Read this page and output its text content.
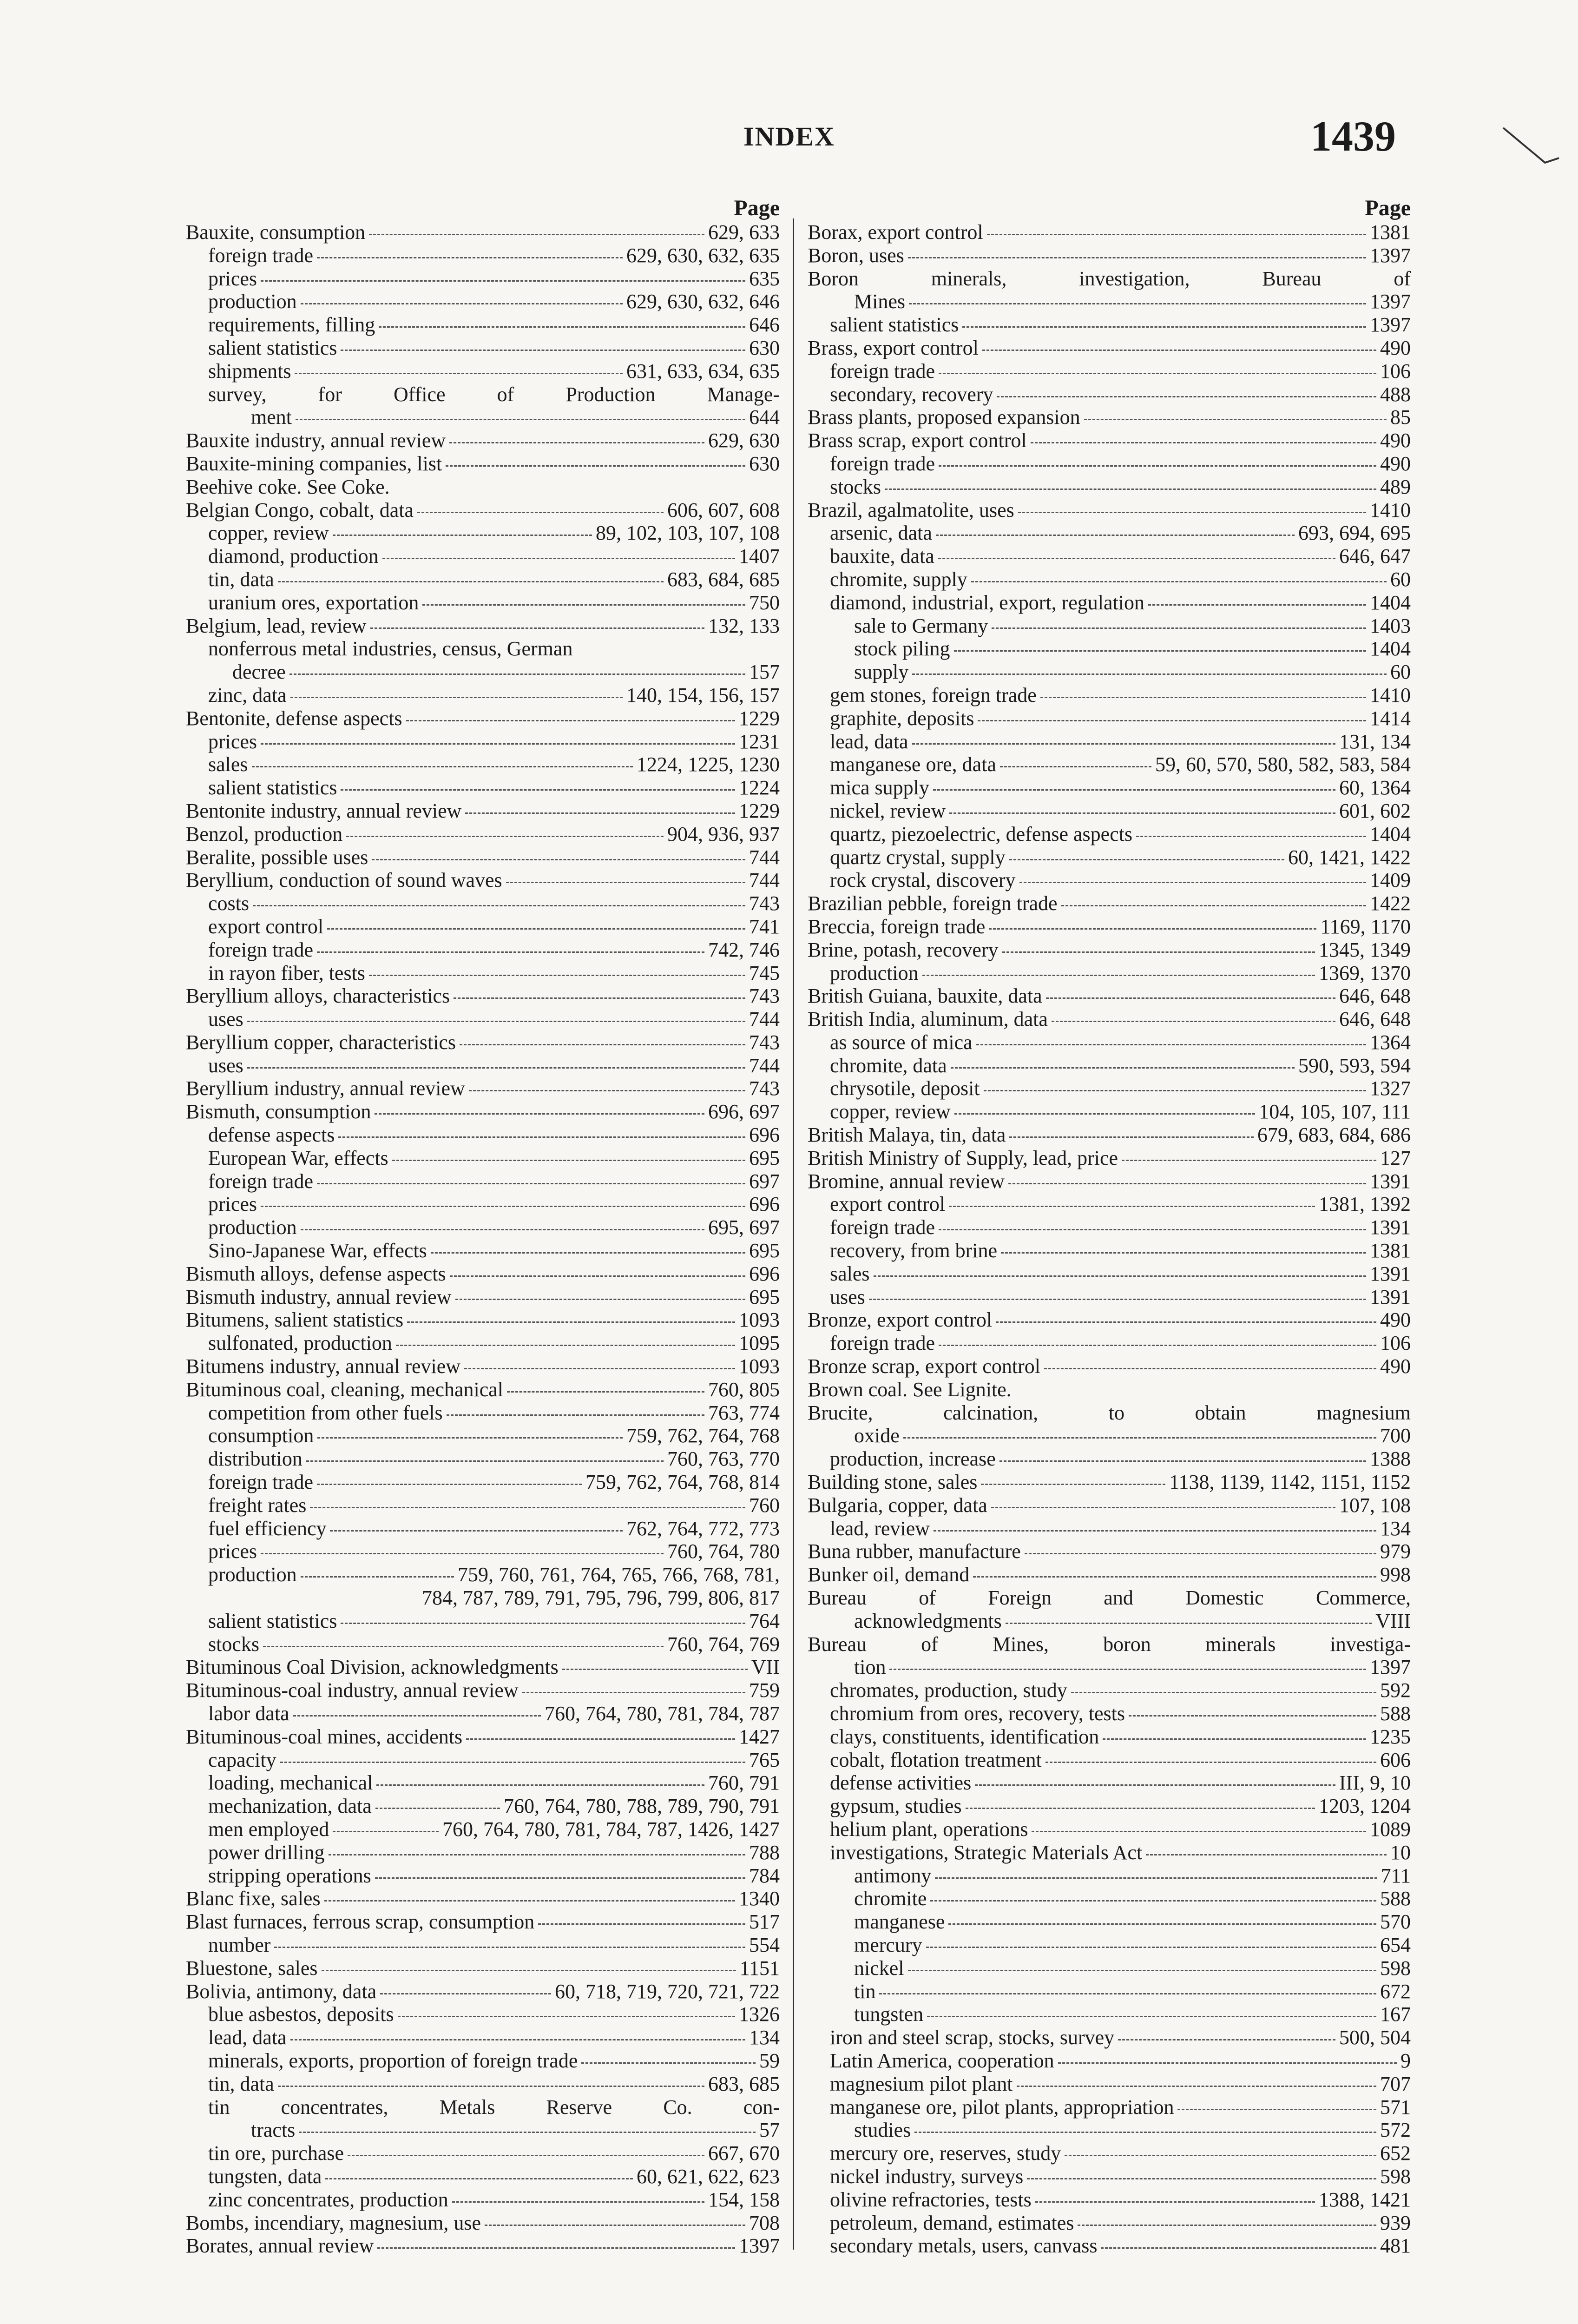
INDEX	1439
Page
Bauxite, consumption	629, 633
foreign trade	629, 630, 632, 635
prices	635
production	629, 630, 632, 646
requirements, filling	646
salient statistics	630
shipments	631, 633, 634, 635
survey, for Office of Production Manage-
ment	644
Bauxite industry, annual review	629, 630
Bauxite-mining companies, list	630
Beehive coke. See Coke.
Belgian Congo, cobalt, data	606, 607, 608
copper, review	89, 102, 103, 107, 108
diamond, production	1407
tin, data	683, 684, 685
uranium ores, exportation	750
Belgium, lead, review	132, 133
nonferrous metal industries, census, German
decree	157
zinc, data	140, 154, 156, 157
Bentonite, defense aspects	1229
prices	1231
sales	1224, 1225, 1230
salient statistics	1224
Bentonite industry, annual review	1229
Benzol, production	904, 936, 937
Beralite, possible uses	744
Beryllium, conduction of sound waves	744
costs	743
export control	741
foreign trade	742, 746
in rayon fiber, tests	745
Beryllium alloys, characteristics	743
uses	744
Beryllium copper, characteristics	743
uses	744
Beryllium industry, annual review	743
Bismuth, consumption	696, 697
defense aspects	696
European War, effects	695
foreign trade	697
prices	696
production	695, 697
Sino-Japanese War, effects	695
Bismuth alloys, defense aspects	696
Bismuth industry, annual review	695
Bitumens, salient statistics	1093
sulfonated, production	1095
Bitumens industry, annual review	1093
Bituminous coal, cleaning, mechanical	760, 805
competition from other fuels	763, 774
consumption	759, 762, 764, 768
distribution	760, 763, 770
foreign trade	759, 762, 764, 768, 814
freight rates	760
fuel efficiency	762, 764, 772, 773
prices	760, 764, 780
production	759, 760, 761, 764, 765, 766, 768, 781,
784, 787, 789, 791, 795, 796, 799, 806, 817
salient statistics	764
stocks	760, 764, 769
Bituminous Coal Division, acknowledgments	VII
Bituminous-coal industry, annual review	759
labor data	760, 764, 780, 781, 784, 787
Bituminous-coal mines, accidents	1427
capacity	765
loading, mechanical	760, 791
mechanization, data	760, 764, 780, 788, 789, 790, 791
men employed	760, 764, 780, 781, 784, 787, 1426, 1427
power drilling	788
stripping operations	784
Blanc fixe, sales	1340
Blast furnaces, ferrous scrap, consumption	517
number	554
Bluestone, sales	1151
Bolivia, antimony, data	60, 718, 719, 720, 721, 722
blue asbestos, deposits	1326
lead, data	134
minerals, exports, proportion of foreign trade	59
tin, data	683, 685
tin concentrates, Metals Reserve Co. con-
tracts	57
tin ore, purchase	667, 670
tungsten, data	60, 621, 622, 623
zinc concentrates, production	154, 158
Bombs, incendiary, magnesium, use	708
Borates, annual review	1397
Page
Borax, export control	1381
Boron, uses	1397
Boron minerals, investigation, Bureau of
Mines	1397
salient statistics	1397
Brass, export control	490
foreign trade	106
secondary, recovery	488
Brass plants, proposed expansion	85
Brass scrap, export control	490
foreign trade	490
stocks	489
Brazil, agalmatolite, uses	1410
arsenic, data	693, 694, 695
bauxite, data	646, 647
chromite, supply	60
diamond, industrial, export, regulation	1404
sale to Germany	1403
stock piling	1404
supply	60
gem stones, foreign trade	1410
graphite, deposits	1414
lead, data	131, 134
manganese ore, data	59, 60, 570, 580, 582, 583, 584
mica supply	60, 1364
nickel, review	601, 602
quartz, piezoelectric, defense aspects	1404
quartz crystal, supply	60, 1421, 1422
rock crystal, discovery	1409
Brazilian pebble, foreign trade	1422
Breccia, foreign trade	1169, 1170
Brine, potash, recovery	1345, 1349
production	1369, 1370
British Guiana, bauxite, data	646, 648
British India, aluminum, data	646, 648
as source of mica	1364
chromite, data	590, 593, 594
chrysotile, deposit	1327
copper, review	104, 105, 107, 111
British Malaya, tin, data	679, 683, 684, 686
British Ministry of Supply, lead, price	127
Bromine, annual review	1391
export control	1381, 1392
foreign trade	1391
recovery, from brine	1381
sales	1391
uses	1391
Bronze, export control	490
foreign trade	106
Bronze scrap, export control	490
Brown coal. See Lignite.
Brucite, calcination, to obtain magnesium
oxide	700
production, increase	1388
Building stone, sales	1138, 1139, 1142, 1151, 1152
Bulgaria, copper, data	107, 108
lead, review	134
Buna rubber, manufacture	979
Bunker oil, demand	998
Bureau of Foreign and Domestic Commerce,
acknowledgments	VIII
Bureau of Mines, boron minerals investiga-
tion	1397
chromates, production, study	592
chromium from ores, recovery, tests	588
clays, constituents, identification	1235
cobalt, flotation treatment	606
defense activities	III, 9, 10
gypsum, studies	1203, 1204
helium plant, operations	1089
investigations, Strategic Materials Act	10
antimony	711
chromite	588
manganese	570
mercury	654
nickel	598
tin	672
tungsten	167
iron and steel scrap, stocks, survey	500, 504
Latin America, cooperation	9
magnesium pilot plant	707
manganese ore, pilot plants, appropriation	571
studies	572
mercury ore, reserves, study	652
nickel industry, surveys	598
olivine refractories, tests	1388, 1421
petroleum, demand, estimates	939
secondary metals, users, canvass	481
